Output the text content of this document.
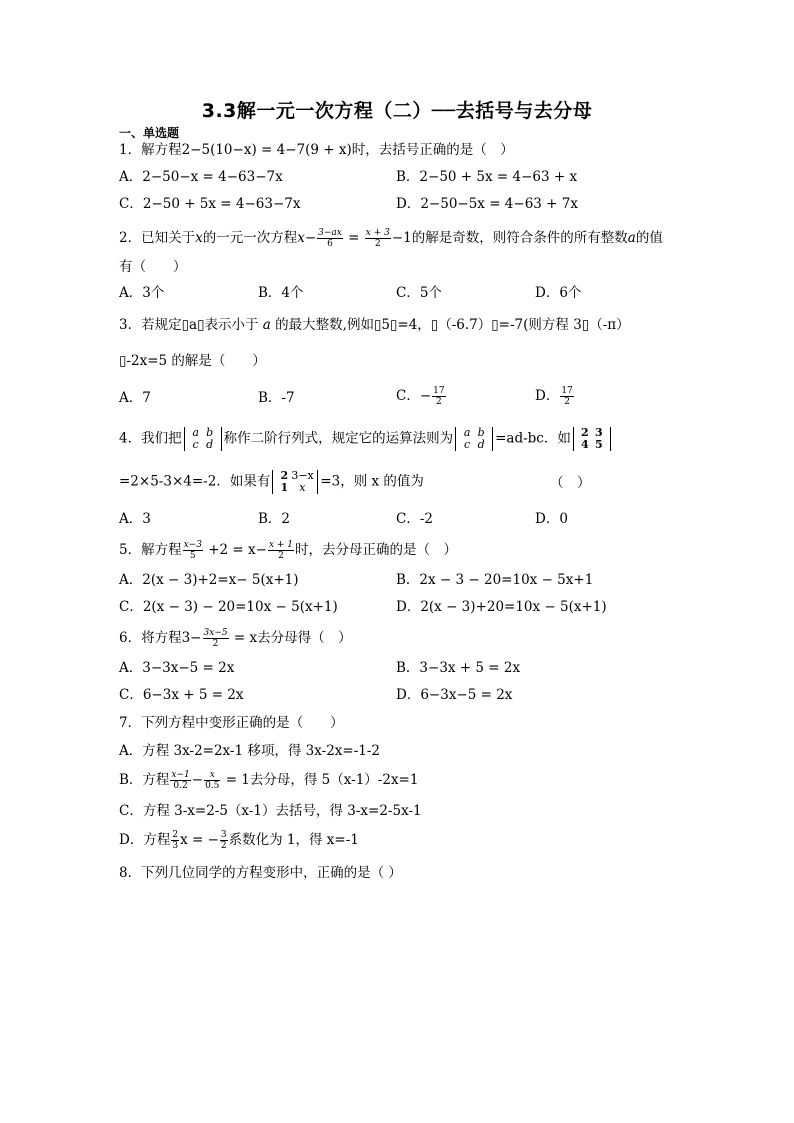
3.3解一元一次方程（二）──去括号与去分母
一、单选题
1．解方程2−5(10−x) = 4−7(9 + x)时，去括号正确的是（　）
A．2−50−x = 4−63−7x	B．2−50 + 5x = 4−63 + x
C．2−50 + 5x = 4−63−7x	D．2−50−5x = 4−63 + 7x
2．已知关于x的一元一次方程$x- \frac{3-ax}{6} = \frac{x + 3}{2} -1$的解是奇数，则符合条件的所有整数a的值
有（　　）
A．3个	B．4个	C．5个	D．6个
3．若规定▯a▯表示小于 a 的最大整数,例如▯5▯=4，▯（-6.7）▯=-7(则方程 3▯（-π）
▯-2x=5 的解是（　　）
A．7	B．-7	C．− $\frac{17}{2}$	D． $\frac{17}{2}$
4．我们把 a b
c d 称作二阶行列式，规定它的运算法则为 a b
c d =ad-bc．如 2 3
4 5
=2×5-3×4=-2．如果有 2 3−x
1 x =3，则 x 的值为	（　）
A．3	B．2	C．-2	D．0
5．解方程 $\frac{x-3}{5} +2 = x- \frac{x + 1}{2}$ 时，去分母正确的是（　）
A．2(x − 3)+2=x− 5(x+1)	B．2x − 3 − 20=10x − 5x+1
C．2(x − 3) − 20=10x − 5(x+1)	D．2(x − 3)+20=10x − 5(x+1)
6．将方程$3- \frac{3x-5}{2} = x$去分母得（　）
A．3−3x−5 = 2x	B．3−3x + 5 = 2x
C．6−3x + 5 = 2x	D．6−3x−5 = 2x
7．下列方程中变形正确的是（　　）
A．方程 3x-2=2x-1 移项，得 3x-2x=-1-2
B．方程 $\frac{x-1}{0.2} - \frac{x}{0.5} = 1$去分母，得 5（x-1）-2x=1
C．方程 3-x=2-5（x-1）去括号，得 3-x=2-5x-1
D．方程 $\frac{2}{3}$ x = − $\frac{3}{2}$ 系数化为 1，得 x=-1
8．下列几位同学的方程变形中，正确的是（ ）
